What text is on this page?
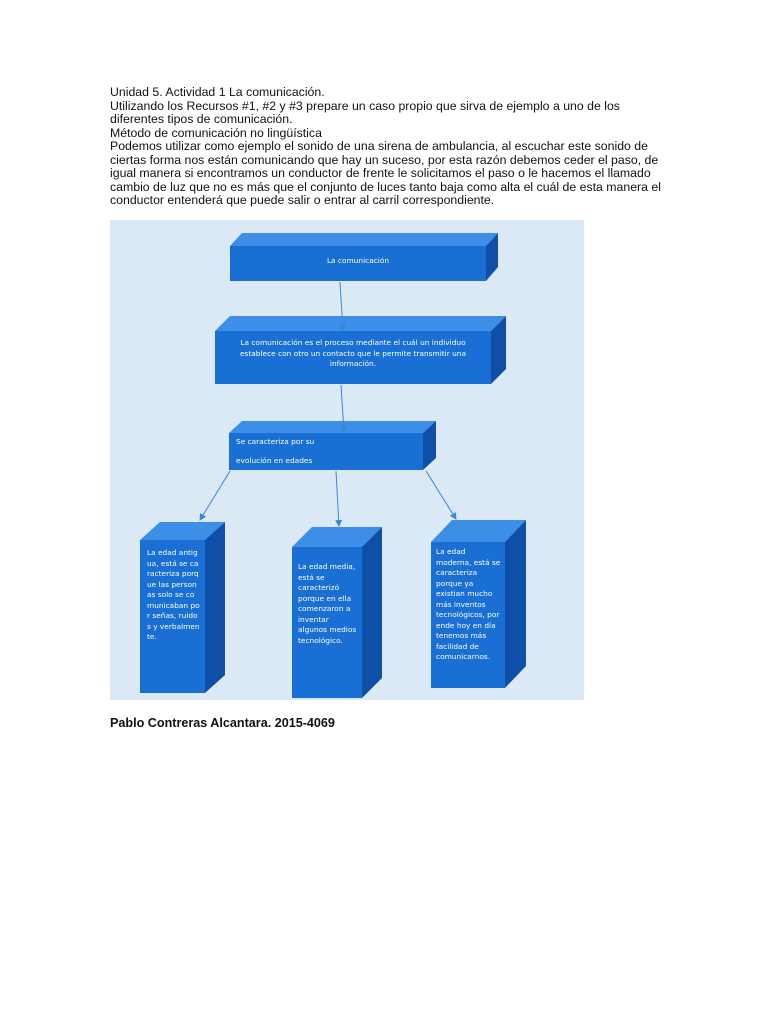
Unidad 5. Actividad 1 La comunicación.

Utilizando los Recursos #1, #2 y #3 prepare un caso propio que sirva de ejemplo a uno de los diferentes tipos de comunicación.

Método de comunicación no lingüística

Podemos utilizar como ejemplo el sonido de una sirena de ambulancia, al escuchar este sonido de ciertas forma nos están comunicando que hay un suceso, por esta razón debemos ceder el paso, de igual manera si encontramos un conductor de frente le solicitamos el paso o le hacemos el llamado cambio de luz que no es más que el conjunto de luces tanto baja como alta el cuál de esta manera el conductor entenderá que puede salir o entrar al carril correspondiente.

La comunicación
La comunicación es el proceso mediante el cuál un individuo establece con otro un contacto que le permite transmitir una información.
Se caracteriza por su
evolución en edades
La edad antigua, está se caracteriza porque las personas solo se comunicaban por señas, ruidos y verbalmente.
La edad media, está se caracterizó porque en ella comenzaron a inventar algunos medios tecnológico.
La edad moderna, está se caracteriza porque ya existian mucho más inventos tecnológicos, por ende hoy en día tenemos más facilidad de comunicarnos.

Pablo Contreras Alcantara. 2015-4069
